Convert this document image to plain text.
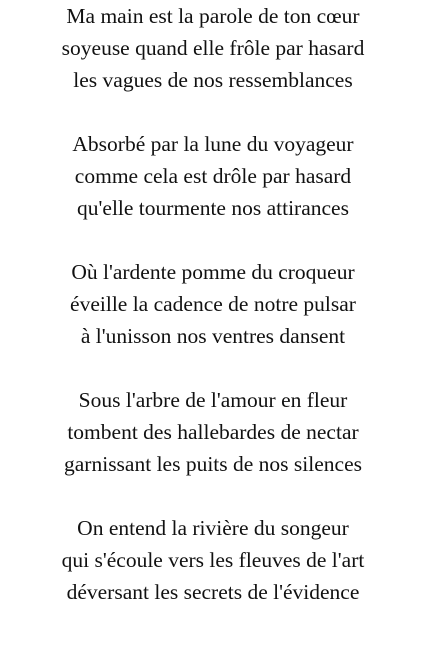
Ma main est la parole de ton cœur
soyeuse quand elle frôle par hasard
les vagues de nos ressemblances
Absorbé par la lune du voyageur
comme cela est drôle par hasard
qu'elle tourmente nos attirances
Où l'ardente pomme du croqueur
éveille la cadence de notre pulsar
à l'unisson nos ventres dansent
Sous l'arbre de l'amour en fleur
tombent des hallebardes de nectar
garnissant les puits de nos silences
On entend la rivière du songeur
qui s'écoule vers les fleuves de l'art
déversant les secrets de l'évidence
